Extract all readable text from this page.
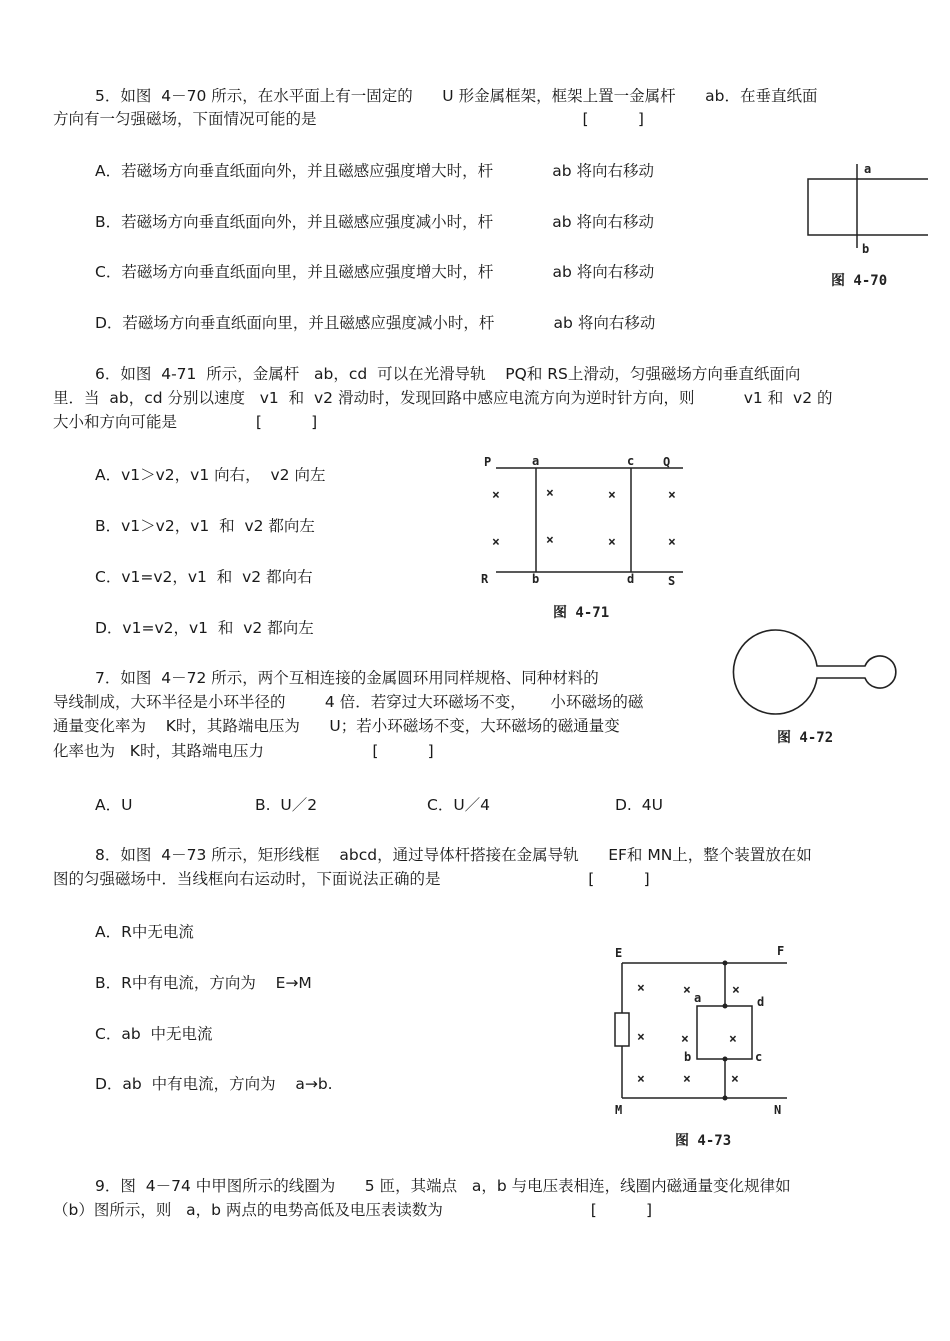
5．如图  4－70 所示，在水平面上有一固定的      U 形金属框架，框架上置一金属杆      ab．在垂直纸面
方向有一匀强磁场，下面情况可能的是                                                      [          ]
A．若磁场方向垂直纸面向外，并且磁感应强度增大时，杆            ab 将向右移动
B．若磁场方向垂直纸面向外，并且磁感应强度减小时，杆            ab 将向右移动
C．若磁场方向垂直纸面向里，并且磁感应强度增大时，杆            ab 将向右移动
D．若磁场方向垂直纸面向里，并且磁感应强度减小时，杆            ab 将向右移动
a
b
图 4-70
6．如图  4-71  所示，金属杆   ab，cd  可以在光滑导轨    PQ和 RS上滑动，匀强磁场方向垂直纸面向
里．当  ab，cd 分别以速度   v1  和  v2 滑动时，发现回路中感应电流方向为逆时针方向，则          v1 和  v2 的
大小和方向可能是                [          ]
A．v1＞v2，v1 向右，  v2 向左
B．v1＞v2，v1  和  v2 都向左
C．v1=v2，v1  和  v2 都向右
D．v1=v2，v1  和  v2 都向左
P	a	c Q
R	b	d	S
×	×	×	×
×	×	×	×
图 4-71
7．如图  4－72 所示，两个互相连接的金属圆环用同样规格、同种材料的
导线制成，大环半径是小环半径的        4 倍．若穿过大环磁场不变，     小环磁场的磁
通量变化率为    K时，其路端电压为      U；若小环磁场不变，大环磁场的磁通量变
化率也为   K时，其路端电压力                      [          ]
A．U	B.  U／2	C．U／4	D.  4U
图 4-72
8．如图  4－73 所示，矩形线框    abcd，通过导体杆搭接在金属导轨      EF和 MN上，整个装置放在如
图的匀强磁场中．当线框向右运动时，下面说法正确的是                              [          ]
A．R中无电流
B．R中有电流，方向为    E→M
C．ab  中无电流
D．ab  中有电流，方向为    a→b.
E	F
M	N
a	d
b	c
×	×	×
×	×	×
×	×	×
图 4-73
9．图  4－74 中甲图所示的线圈为      5 匝，其端点   a，b 与电压表相连，线圈内磁通量变化规律如
（b）图所示，则   a，b 两点的电势高低及电压表读数为                              [          ]
